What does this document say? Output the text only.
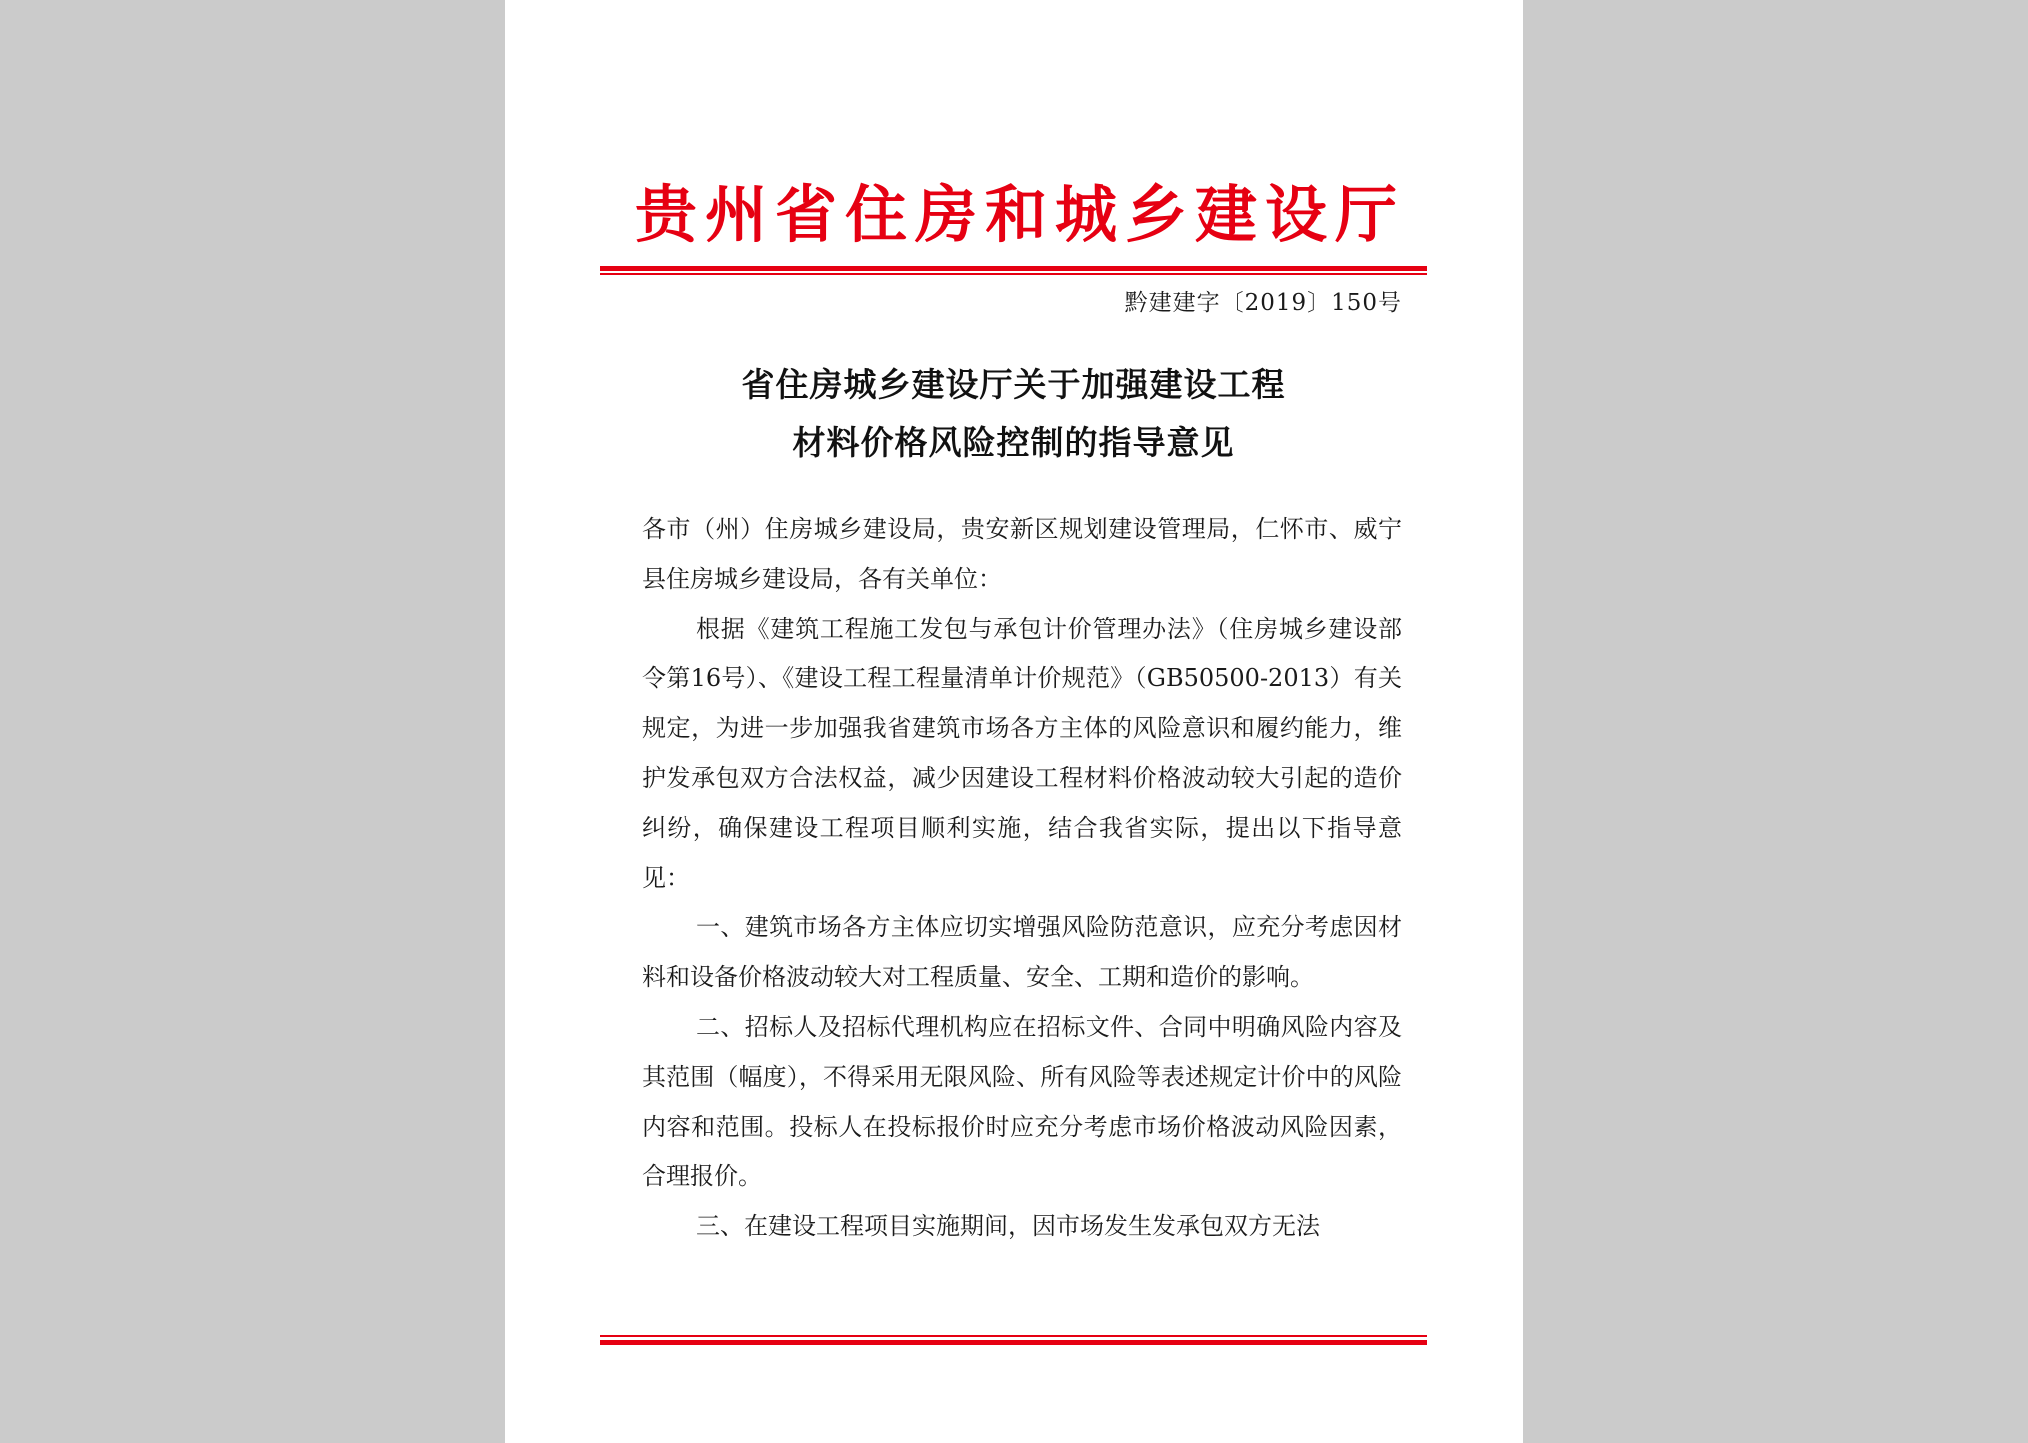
贵州省住房和城乡建设厅
黔建建字〔2019〕150号
省住房城乡建设厅关于加强建设工程
材料价格风险控制的指导意见

各市（州）住房城乡建设局，贵安新区规划建设管理局，仁怀市、威宁县住房城乡建设局，各有关单位：

根据《建筑工程施工发包与承包计价管理办法》（住房城乡建设部令第16号）、《建设工程工程量清单计价规范》（GB50500-2013）有关规定，为进一步加强我省建筑市场各方主体的风险意识和履约能力，维护发承包双方合法权益，减少因建设工程材料价格波动较大引起的造价纠纷，确保建设工程项目顺利实施，结合我省实际，提出以下指导意见：

一、建筑市场各方主体应切实增强风险防范意识，应充分考虑因材料和设备价格波动较大对工程质量、安全、工期和造价的影响。

二、招标人及招标代理机构应在招标文件、合同中明确风险内容及其范围（幅度），不得采用无限风险、所有风险等表述规定计价中的风险内容和范围。投标人在投标报价时应充分考虑市场价格波动风险因素，合理报价。

三、在建设工程项目实施期间，因市场发生发承包双方无法
